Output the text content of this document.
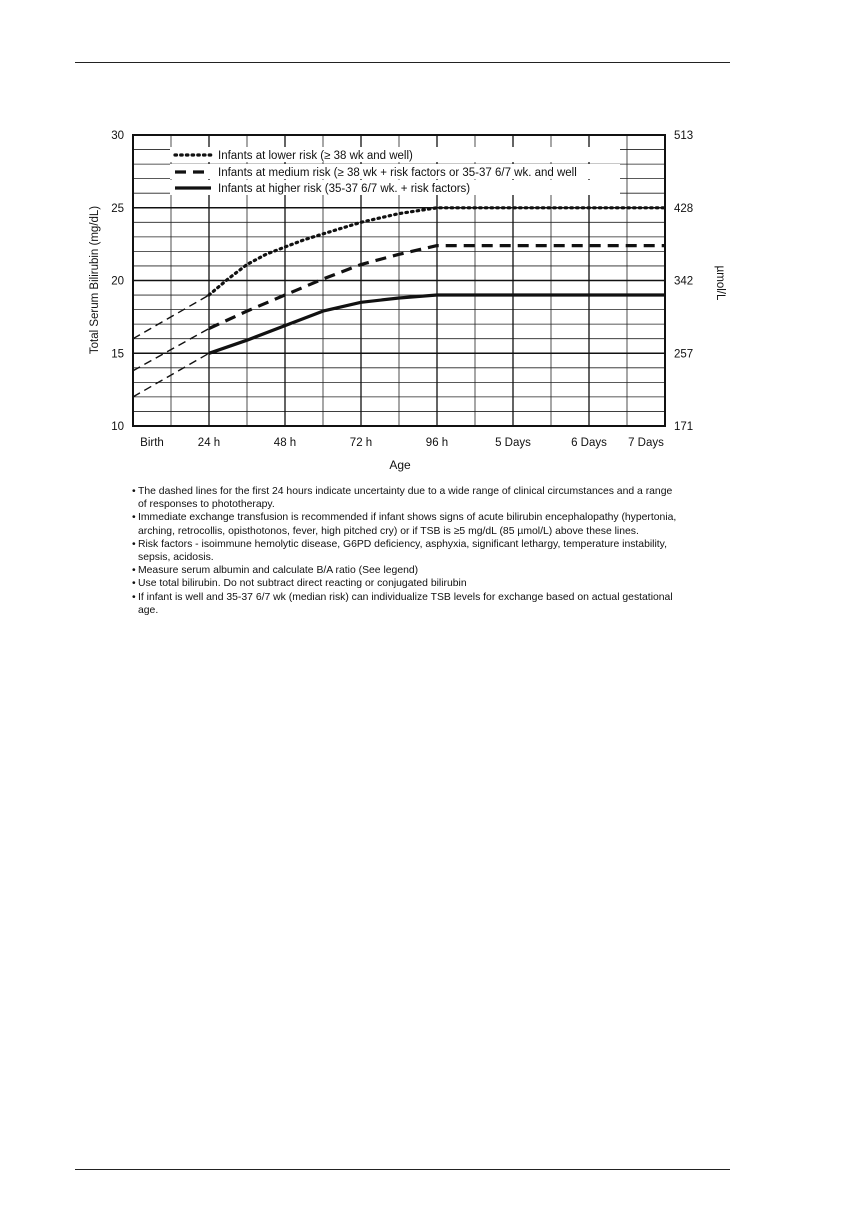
Infants at lower risk (≥ 38 wk and well)
Infants at medium risk (≥ 38 wk + risk factors or 35-37 6/7 wk. and well
Infants at higher risk (35-37 6/7 wk. + risk factors)
10
15
20
25
30
171
257
342
428
513
Birth	24 h	48 h	72 h	96 h	5 Days	6 Days 7 Days
Age
Total Serum Bilirubin (mg/dL)	µmol/L
• The dashed lines for the first 24 hours indicate uncertainty due to a wide range of clinical circumstances and a range of responses to phototherapy.
• Immediate exchange transfusion is recommended if infant shows signs of acute bilirubin encephalopathy (hypertonia, arching, retrocollis, opisthotonos, fever, high pitched cry) or if TSB is ≥5 mg/dL (85 µmol/L) above these lines.
• Risk factors - isoimmune hemolytic disease, G6PD deficiency, asphyxia, significant lethargy, temperature instability, sepsis, acidosis.
• Measure serum albumin and calculate B/A ratio (See legend)
• Use total bilirubin. Do not subtract direct reacting or conjugated bilirubin
• If infant is well and 35-37 6/7 wk (median risk) can individualize TSB levels for exchange based on actual gestational age.
